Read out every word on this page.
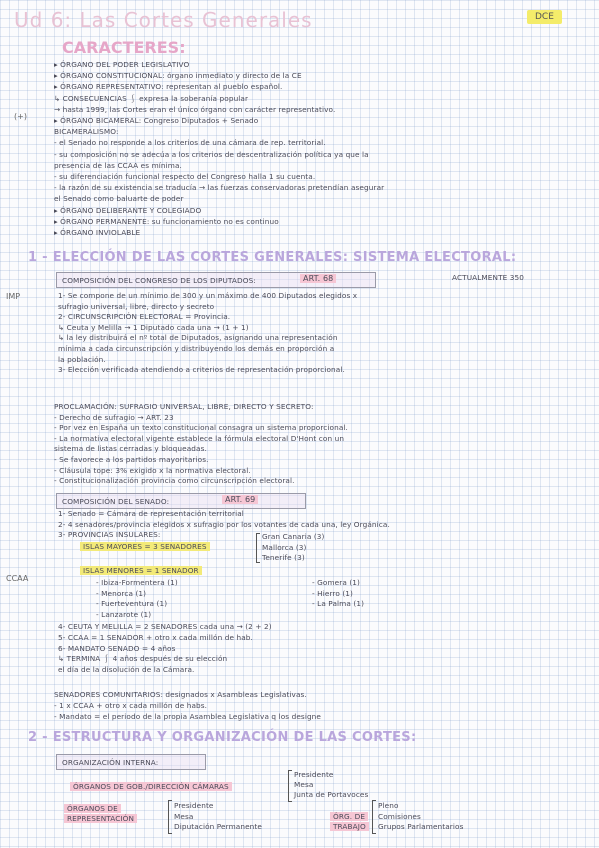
Ud 6: Las Cortes Generales	DCE
CARACTERES:
(+)
▸ ÓRGANO DEL PODER LEGISLATIVO
▸ ÓRGANO CONSTITUCIONAL: órgano inmediato y directo de la CE
▸ ÓRGANO REPRESENTATIVO: representan al pueblo español.
↳ CONSECUENCIAS ⎰ expresa la soberanía popular
→ hasta 1999, las Cortes eran el único órgano con carácter representativo.
▸ ÓRGANO BICAMERAL: Congreso Diputados + Senado
BICAMERALISMO:
- el Senado no responde a los criterios de una cámara de rep. territorial.
- su composición no se adecúa a los criterios de descentralización política ya que la
presencia de las CCAA es mínima.
- su diferenciación funcional respecto del Congreso halla 1 su cuenta.
- la razón de su existencia se traducía → las fuerzas conservadoras pretendían asegurar
el Senado como baluarte de poder
▸ ÓRGANO DELIBERANTE Y COLEGIADO
▸ ÓRGANO PERMANENTE: su funcionamiento no es continuo
▸ ÓRGANO INVIOLABLE
1 - ELECCIÓN DE LAS CORTES GENERALES: SISTEMA ELECTORAL:
ACTUALMENTE 350
IMP
COMPOSICIÓN DEL CONGRESO DE LOS DIPUTADOS:	ART. 68
1- Se compone de un mínimo de 300 y un máximo de 400 Diputados elegidos x
sufragio universal, libre, directo y secreto
2- CIRCUNSCRIPCIÓN ELECTORAL = Provincia.
↳ Ceuta y Melilla → 1 Diputado cada una → (1 + 1)
↳ la ley distribuirá el nº total de Diputados, asignando una representación
mínima a cada circunscripción y distribuyendo los demás en proporción a
la población.
3- Elección verificada atendiendo a criterios de representación proporcional.
PROCLAMACIÓN: SUFRAGIO UNIVERSAL, LIBRE, DIRECTO Y SECRETO:
- Derecho de sufragio → ART. 23
- Por vez en España un texto constitucional consagra un sistema proporcional.
- La normativa electoral vigente establece la fórmula electoral D'Hont con un
sistema de listas cerradas y bloqueadas.
- Se favorece a los partidos mayoritarios.
- Cláusula tope: 3% exigido x la normativa electoral.
- Constitucionalización provincia como circunscripción electoral.
COMPOSICIÓN DEL SENADO:	ART. 69
1- Senado = Cámara de representación territorial
2- 4 senadores/provincia elegidos x sufragio por los votantes de cada una, ley Orgánica.
3- PROVINCIAS INSULARES:
ISLAS MAYORES = 3 SENADORES
Gran Canaria (3)
Mallorca (3)
Tenerife (3)
ISLAS MENORES = 1 SENADOR
CCAA	- Ibiza-Formentera (1)
- Menorca (1)
- Fuerteventura (1)
- Lanzarote (1)
- Gomera (1)
- Hierro (1)
- La Palma (1)
4- CEUTA Y MELILLA = 2 SENADORES cada una → (2 + 2)
5- CCAA = 1 SENADOR + otro x cada millón de hab.
6- MANDATO SENADO = 4 años
↳ TERMINA ⎰ 4 años después de su elección
el día de la disolución de la Cámara.
SENADORES COMUNITARIOS: designados x Asambleas Legislativas.
- 1 x CCAA + otro x cada millón de habs.
- Mandato = el periodo de la propia Asamblea Legislativa q los designe
2 - ESTRUCTURA Y ORGANIZACIÓN DE LAS CORTES:
ORGANIZACIÓN INTERNA:
ÓRGANOS DE GOB./DIRECCIÓN CÁMARAS
Presidente
Mesa
Junta de Portavoces
ÓRGANOS DE
REPRESENTACIÓN
Presidente
Mesa
Diputación Permanente
ÓRG. DE
TRABAJO
Pleno
Comisiones
Grupos Parlamentarios
